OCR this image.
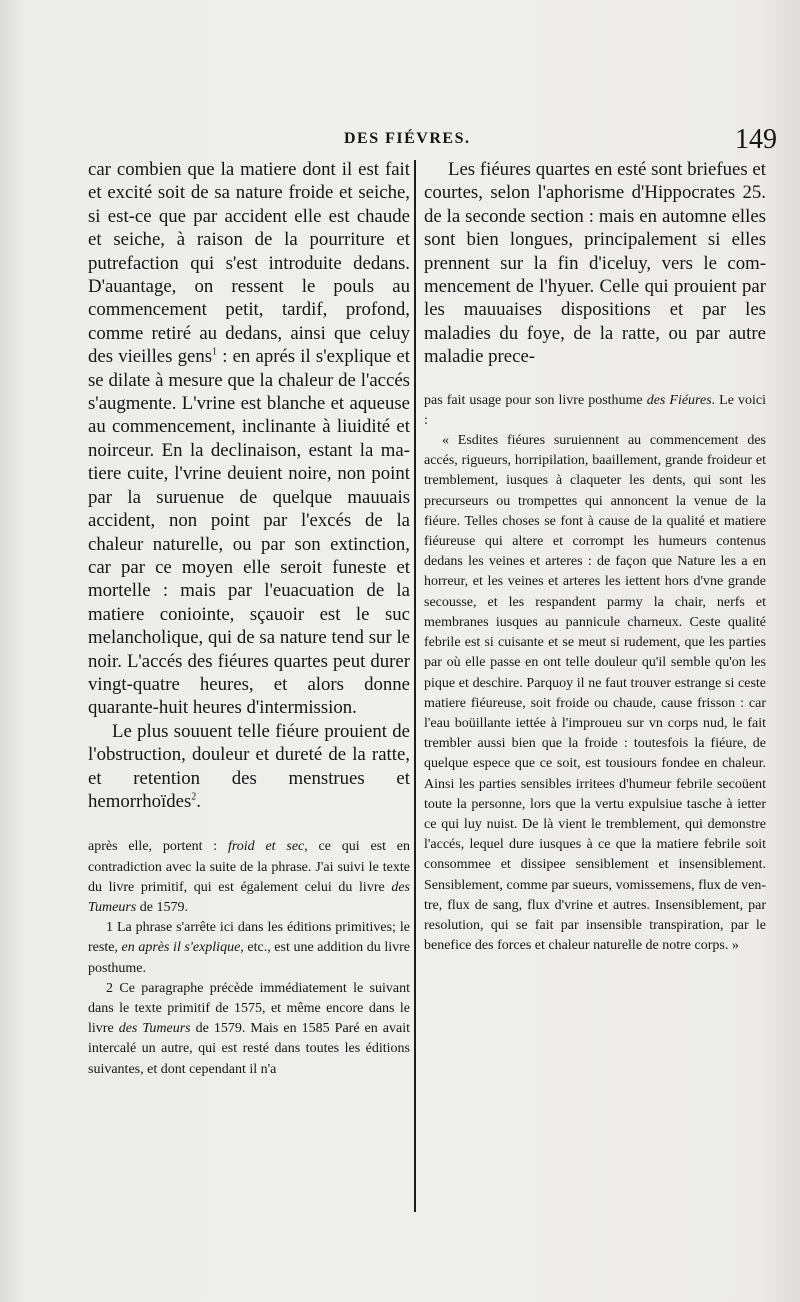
DES FIÉVRES.	149

car combien que la matiere dont il est fait et excité soit de sa nature froide et seiche, si est-ce que par accident elle est chaude et seiche, à raison de la pourriture et putrefaction qui s'est introduite dedans. D'auantage, on ressent le pouls au commencement petit, tardif, profond, comme retiré au dedans, ainsi que celuy des vieilles gens$^1$ : en aprés il s'explique et se dilate à mesure que la chaleur de l'accés s'augmente. L'vrine est blanche et aqueuse au commencement, inclinante à liuidité et noirceur. En la declinaison, estant la matiere cuite, l'vrine deuient noire, non point par la suruenue de quelque mauuais accident, non point par l'excés de la chaleur naturelle, ou par son extinction, car par ce moyen elle seroit funeste et mortelle : mais par l'euacuation de la matiere coniointe, sçauoir est le suc melancholique, qui de sa nature tend sur le noir. L'accés des fiéures quartes peut durer vingt-quatre heures, et alors donne quarante-huit heures d'intermission.

Le plus souuent telle fiéure prouient de l'obstruction, douleur et dureté de la ratte, et retention des menstrues et hemorrhoïdes$^2$.

après elle, portent : froid et sec, ce qui est en contradiction avec la suite de la phrase. J'ai suivi le texte du livre primitif, qui est également celui du livre des Tumeurs de 1579.

1 La phrase s'arrête ici dans les éditions primitives; le reste, en après il s'explique, etc., est une addition du livre posthume.

2 Ce paragraphe précède immédiatement le suivant dans le texte primitif de 1575, et même encore dans le livre des Tumeurs de 1579. Mais en 1585 Paré en avait intercalé un autre, qui est resté dans toutes les éditions suivantes, et dont cependant il n'a

Les fiéures quartes en esté sont briefues et courtes, selon l'aphorisme d'Hippocrates 25. de la seconde section : mais en automne elles sont bien longues, principalement si elles prennent sur la fin d'iceluy, vers le commencement de l'hyuer. Celle qui prouient par les mauuaises dispositions et par les maladies du foye, de la ratte, ou par autre maladie prece-

pas fait usage pour son livre posthume des Fiéures. Le voici :

« Esdites fiéures suruiennent au commencement des accés, rigueurs, horripilation, baaillement, grande froideur et tremblement, iusques à claqueter les dents, qui sont les precurseurs ou trompettes qui annoncent la venue de la fiéure. Telles choses se font à cause de la qualité et matiere fiéureuse qui altere et corrompt les humeurs contenus dedans les veines et arteres : de façon que Nature les a en horreur, et les veines et arteres les iettent hors d'vne grande secousse, et les respandent parmy la chair, nerfs et membranes iusques au pannicule charneux. Ceste qualité febrile est si cuisante et se meut si rudement, que les parties par où elle passe en ont telle douleur qu'il semble qu'on les pique et deschire. Parquoy il ne faut trouver estrange si ceste matiere fiéureuse, soit froide ou chaude, cause frisson : car l'eau boüillante iettée à l'improueu sur vn corps nud, le fait trembler aussi bien que la froide : toutesfois la fiéure, de quelque espece que ce soit, est tousiours fondee en chaleur. Ainsi les parties sensibles irritees d'humeur febrile secoüent toute la personne, lors que la vertu expulsiue tasche à ietter ce qui luy nuist. De là vient le tremblement, qui demonstre l'accés, lequel dure iusques à ce que la matiere febrile soit consommee et dissipee sensiblement et insensiblement. Sensiblement, comme par sueurs, vomissemens, flux de ventre, flux de sang, flux d'vrine et autres. Insensiblement, par resolution, qui se fait par insensible transpiration, par le benefice des forces et chaleur naturelle de notre corps. »
